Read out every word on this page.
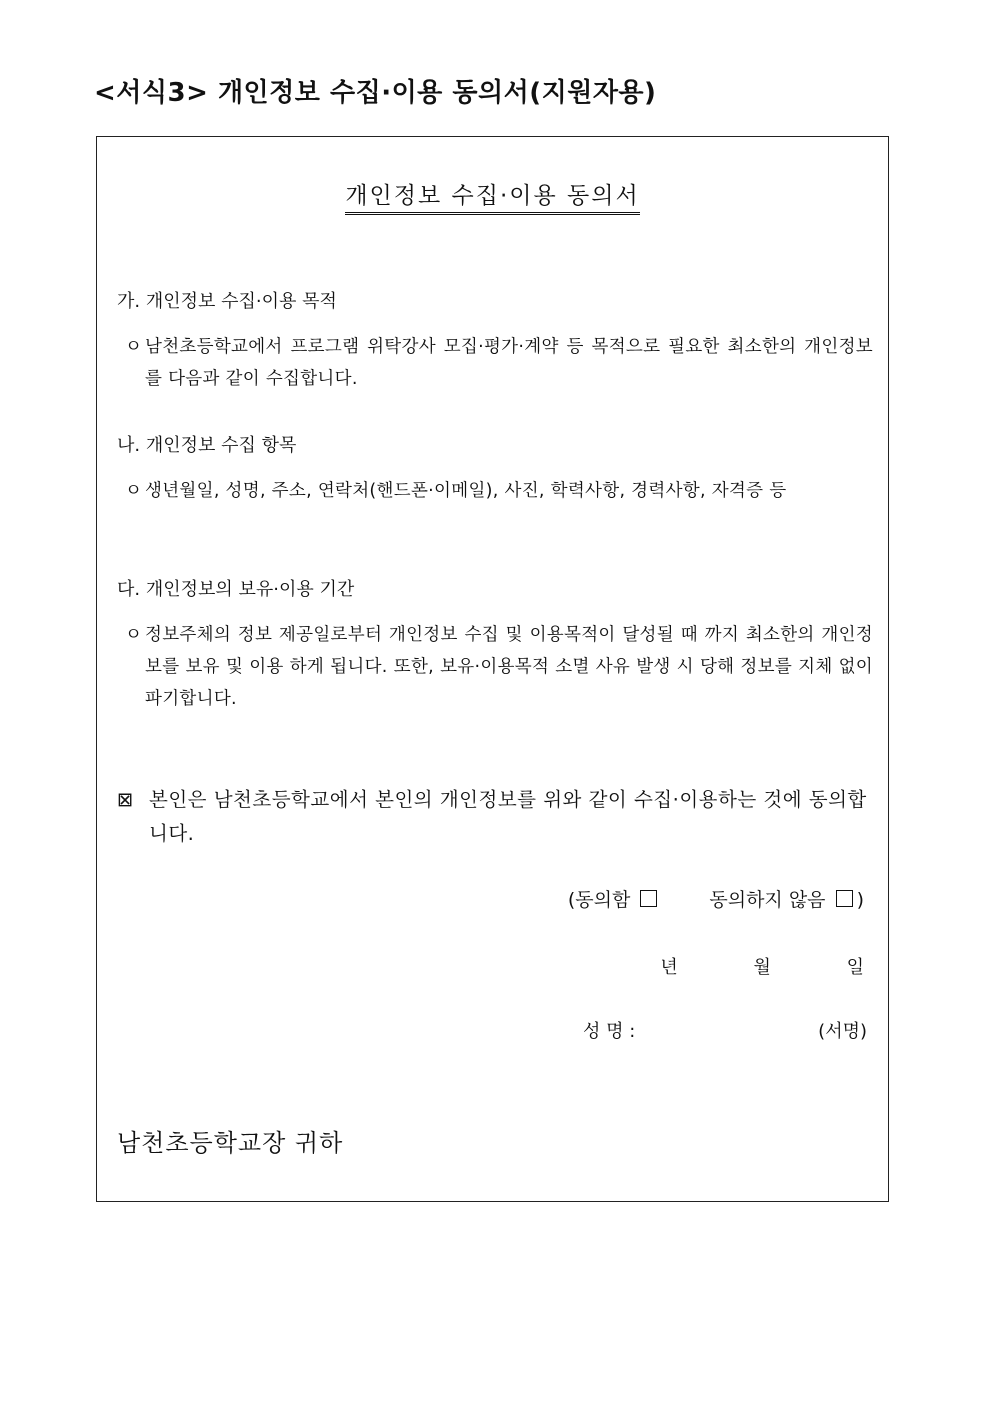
<서식3> 개인정보 수집·이용 동의서(지원자용)
개인정보 수집·이용 동의서
가. 개인정보 수집·이용 목적
ㅇ 남천초등학교에서 프로그램 위탁강사 모집·평가·계약 등 목적으로 필요한 최소한의 개인정보를 다음과 같이 수집합니다.
나. 개인정보 수집 항목
ㅇ 생년월일, 성명, 주소, 연락처(핸드폰·이메일), 사진, 학력사항, 경력사항, 자격증 등
다. 개인정보의 보유·이용 기간
ㅇ 정보주체의 정보 제공일로부터 개인정보 수집 및 이용목적이 달성될 때 까지 최소한의 개인정보를 보유 및 이용 하게 됩니다. 또한, 보유·이용목적 소멸 사유 발생 시 당해 정보를 지체 없이 파기합니다.
⊠ 본인은 남천초등학교에서 본인의 개인정보를 위와 같이 수집·이용하는 것에 동의합니다.
(동의함	동의하지 않음 )
년	월	일
성 명 :	(서명)
남천초등학교장 귀하
